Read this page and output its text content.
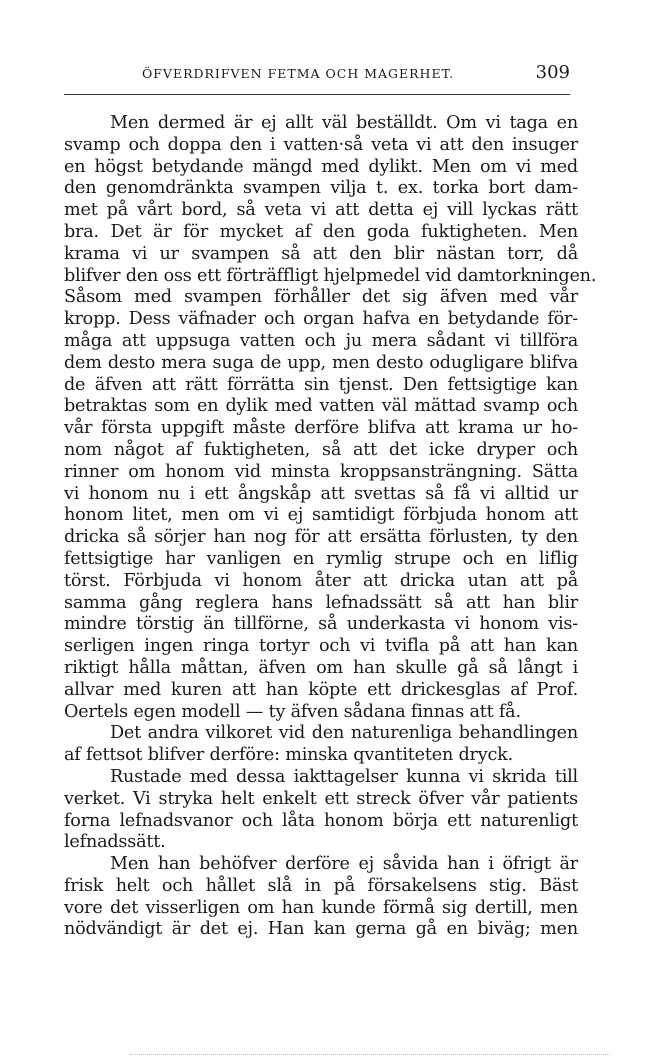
ÖFVERDRIFVEN FETMA OCH MAGERHET.	309
Men dermed är ej allt väl beställdt. Om vi taga en
svamp och doppa den i vatten·så veta vi att den insuger
en högst betydande mängd med dylikt. Men om vi med
den genomdränkta svampen vilja t. ex. torka bort dam-
met på vårt bord, så veta vi att detta ej vill lyckas rätt
bra. Det är för mycket af den goda fuktigheten. Men
krama vi ur svampen så att den blir nästan torr, då
blifver den oss ett förträffligt hjelpmedel vid damtorkningen.
Såsom med svampen förhåller det sig äfven med vår
kropp. Dess väfnader och organ hafva en betydande för-
måga att uppsuga vatten och ju mera sådant vi tillföra
dem desto mera suga de upp, men desto odugligare blifva
de äfven att rätt förrätta sin tjenst. Den fettsigtige kan
betraktas som en dylik med vatten väl mättad svamp och
vår första uppgift måste derföre blifva att krama ur ho-
nom något af fuktigheten, så att det icke dryper och
rinner om honom vid minsta kroppsansträngning. Sätta
vi honom nu i ett ångskåp att svettas så få vi alltid ur
honom litet, men om vi ej samtidigt förbjuda honom att
dricka så sörjer han nog för att ersätta förlusten, ty den
fettsigtige har vanligen en rymlig strupe och en liflig
törst. Förbjuda vi honom åter att dricka utan att på
samma gång reglera hans lefnadssätt så att han blir
mindre törstig än tillförne, så underkasta vi honom vis-
serligen ingen ringa tortyr och vi tvifla på att han kan
riktigt hålla måttan, äfven om han skulle gå så långt i
allvar med kuren att han köpte ett drickesglas af Prof.
Oertels egen modell — ty äfven sådana finnas att få.
Det andra vilkoret vid den naturenliga behandlingen
af fettsot blifver derföre: minska qvantiteten dryck.
Rustade med dessa iakttagelser kunna vi skrida till
verket. Vi stryka helt enkelt ett streck öfver vår patients
forna lefnadsvanor och låta honom börja ett naturenligt
lefnadssätt.
Men han behöfver derföre ej såvida han i öfrigt är
frisk helt och hållet slå in på försakelsens stig. Bäst
vore det visserligen om han kunde förmå sig dertill, men
nödvändigt är det ej. Han kan gerna gå en biväg; men
